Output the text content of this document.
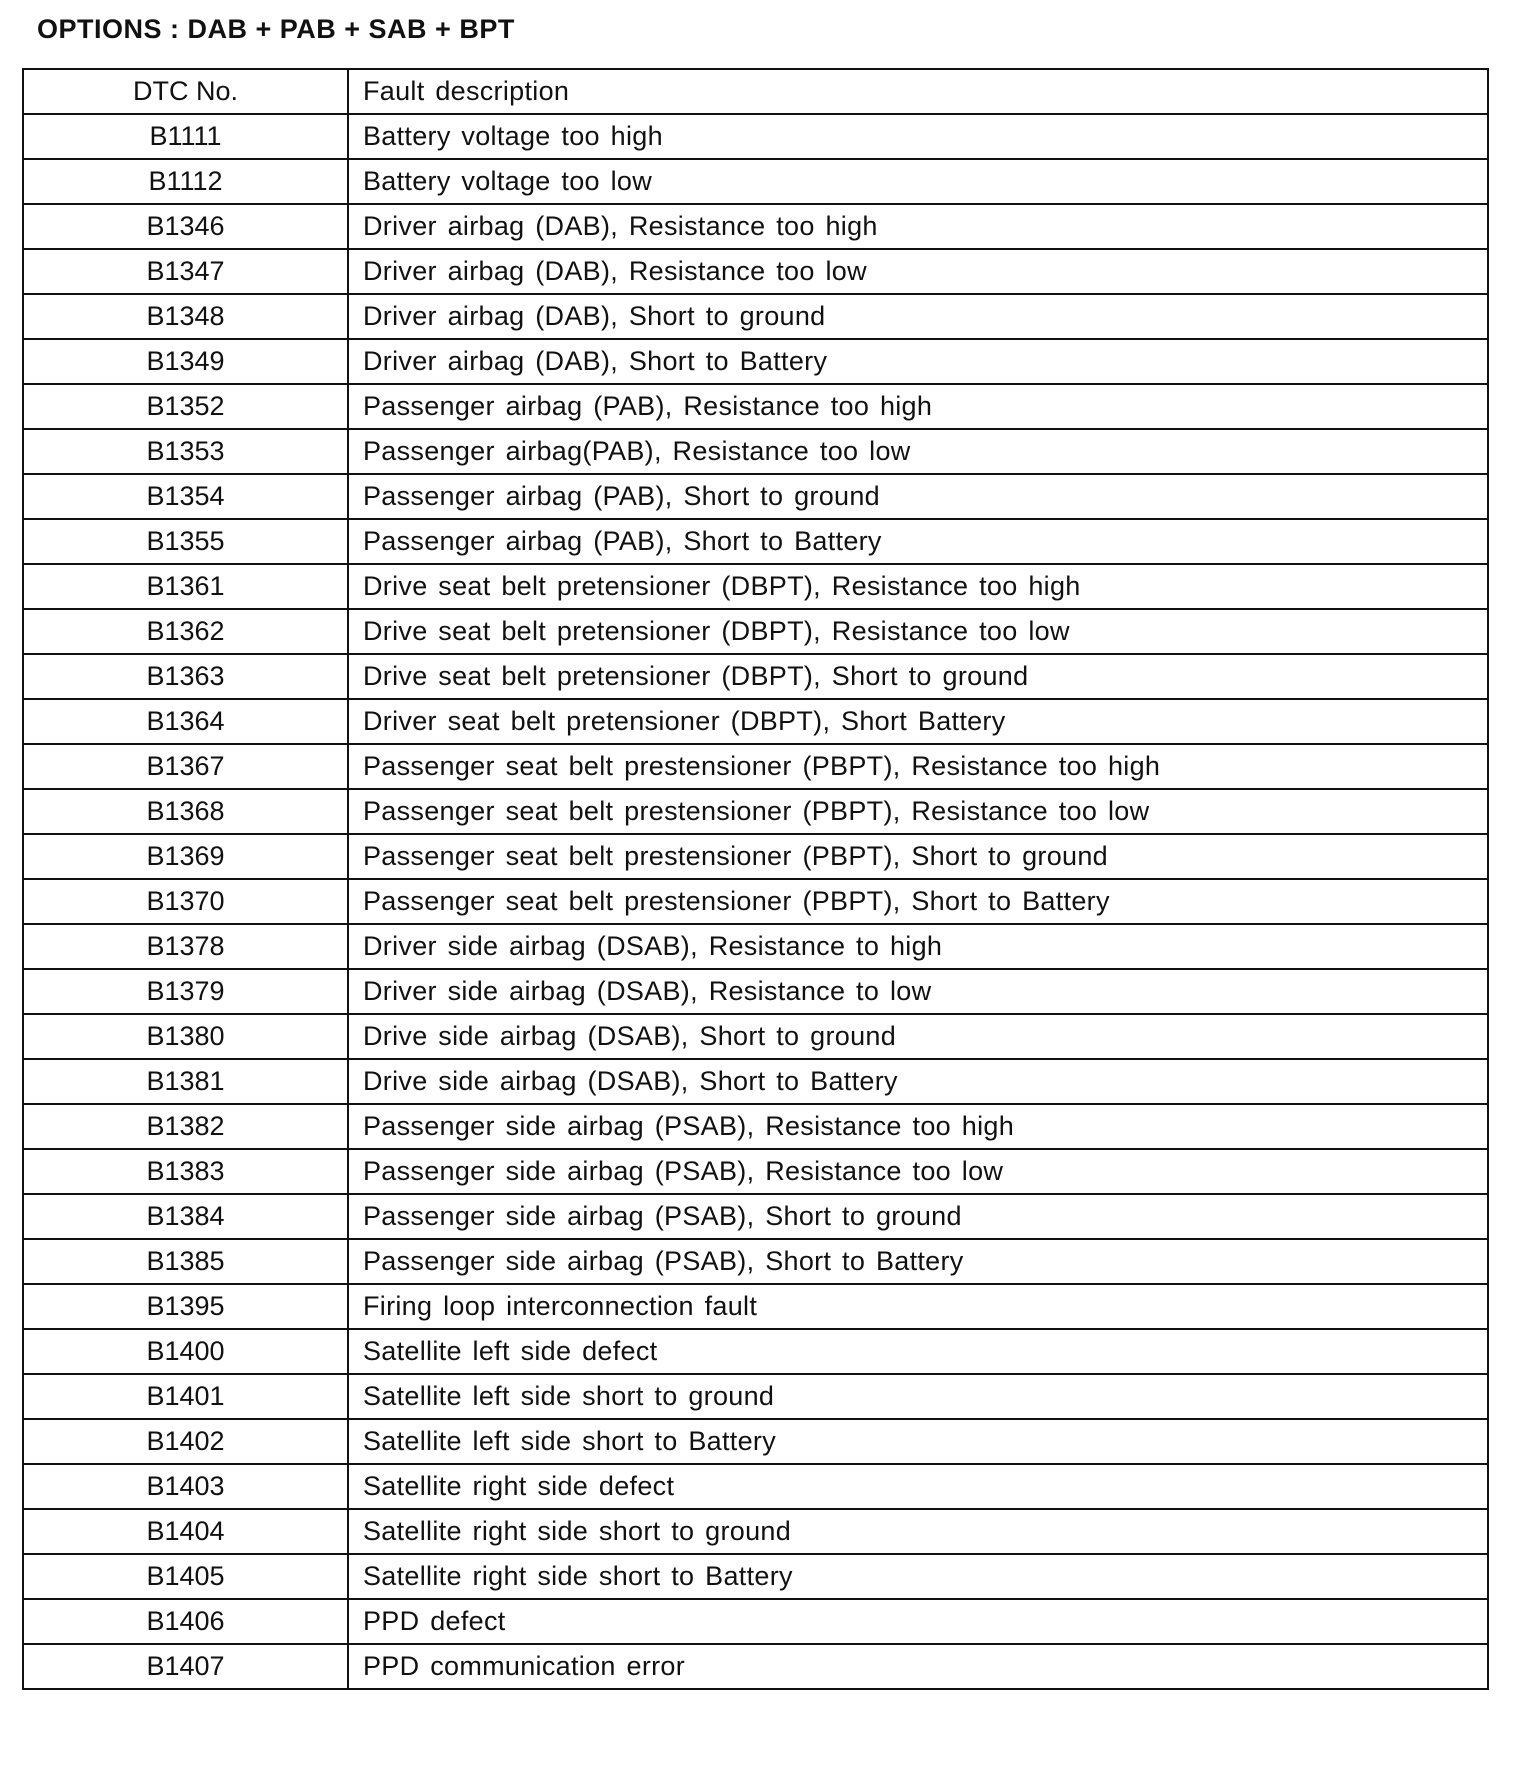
OPTIONS : DAB + PAB + SAB + BPT
DTC No.	Fault description
B1111	Battery voltage too high
B1112	Battery voltage too low
B1346	Driver airbag (DAB), Resistance too high
B1347	Driver airbag (DAB), Resistance too low
B1348	Driver airbag (DAB), Short to ground
B1349	Driver airbag (DAB), Short to Battery
B1352	Passenger airbag (PAB), Resistance too high
B1353	Passenger airbag(PAB), Resistance too low
B1354	Passenger airbag (PAB), Short to ground
B1355	Passenger airbag (PAB), Short to Battery
B1361	Drive seat belt pretensioner (DBPT), Resistance too high
B1362	Drive seat belt pretensioner (DBPT), Resistance too low
B1363	Drive seat belt pretensioner (DBPT), Short to ground
B1364	Driver seat belt pretensioner (DBPT), Short Battery
B1367	Passenger seat belt prestensioner (PBPT), Resistance too high
B1368	Passenger seat belt prestensioner (PBPT), Resistance too low
B1369	Passenger seat belt prestensioner (PBPT), Short to ground
B1370	Passenger seat belt prestensioner (PBPT), Short to Battery
B1378	Driver side airbag (DSAB), Resistance to high
B1379	Driver side airbag (DSAB), Resistance to low
B1380	Drive side airbag (DSAB), Short to ground
B1381	Drive side airbag (DSAB), Short to Battery
B1382	Passenger side airbag (PSAB), Resistance too high
B1383	Passenger side airbag (PSAB), Resistance too low
B1384	Passenger side airbag (PSAB), Short to ground
B1385	Passenger side airbag (PSAB), Short to Battery
B1395	Firing loop interconnection fault
B1400	Satellite left side defect
B1401	Satellite left side short to ground
B1402	Satellite left side short to Battery
B1403	Satellite right side defect
B1404	Satellite right side short to ground
B1405	Satellite right side short to Battery
B1406	PPD defect
B1407	PPD communication error
